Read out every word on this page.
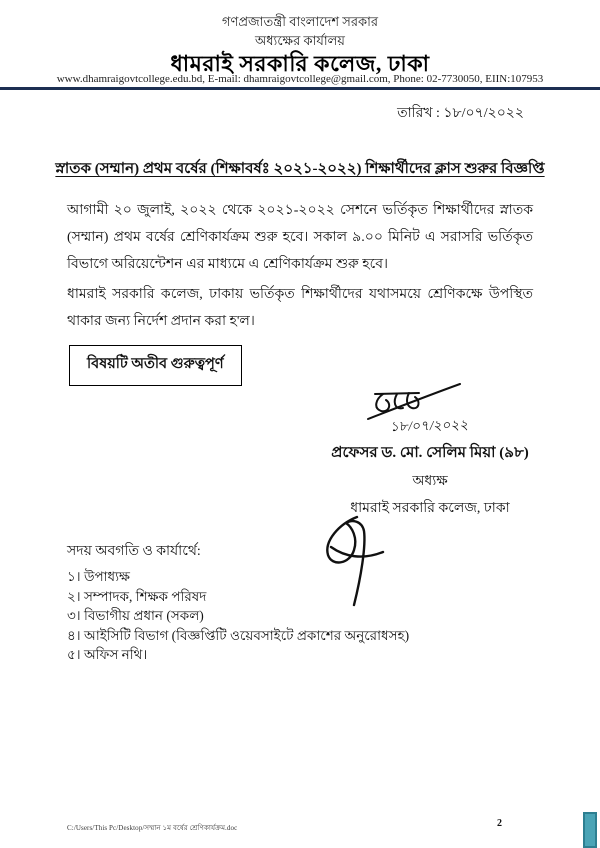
গণপ্রজাতন্ত্রী বাংলাদেশ সরকার
অধ্যক্ষের কার্যালয়
ধামরাই সরকারি কলেজ, ঢাকা
www.dhamraigovtcollege.edu.bd, E-mail: dhamraigovtcollege@gmail.com, Phone: 02-7730050, EIIN:107953
তারিখ : ১৮/০৭/২০২২
স্নাতক (সম্মান) প্রথম বর্ষের (শিক্ষাবর্ষঃ ২০২১-২০২২) শিক্ষার্থীদের ক্লাস শুরুর বিজ্ঞপ্তি
আগামী ২০ জুলাই, ২০২২ থেকে ২০২১-২০২২ সেশনে ভর্তিকৃত শিক্ষার্থীদের স্নাতক (সম্মান) প্রথম বর্ষের শ্রেণিকার্যক্রম শুরু হবে। সকাল ৯.০০ মিনিট এ সরাসরি ভর্তিকৃত বিভাগে অরিয়েন্টেশন এর মাধ্যমে এ শ্রেণিকার্যক্রম শুরু হবে।
ধামরাই সরকারি কলেজ, ঢাকায় ভর্তিকৃত শিক্ষার্থীদের যথাসময়ে শ্রেণিকক্ষে উপস্থিত থাকার জন্য নির্দেশ প্রদান করা হ'ল।
বিষয়টি অতীব গুরুত্বপূর্ণ
১৮/০৭/২০২২
প্রফেসর ড. মো. সেলিম মিয়া (৯৮)
অধ্যক্ষ
ধামরাই সরকারি কলেজ, ঢাকা
সদয় অবগতি ও কার্যার্থে:
১। উপাধ্যক্ষ
২। সম্পাদক, শিক্ষক পরিষদ
৩। বিভাগীয় প্রধান (সকল)
৪। আইসিটি বিভাগ (বিজ্ঞপ্তিটি ওয়েবসাইটে প্রকাশের অনুরোধসহ)
৫। অফিস নথি।
C:/Users/This Pc/Desktop/সম্মান ১ম বর্ষের শ্রেণিকার্যক্রম.doc	2
